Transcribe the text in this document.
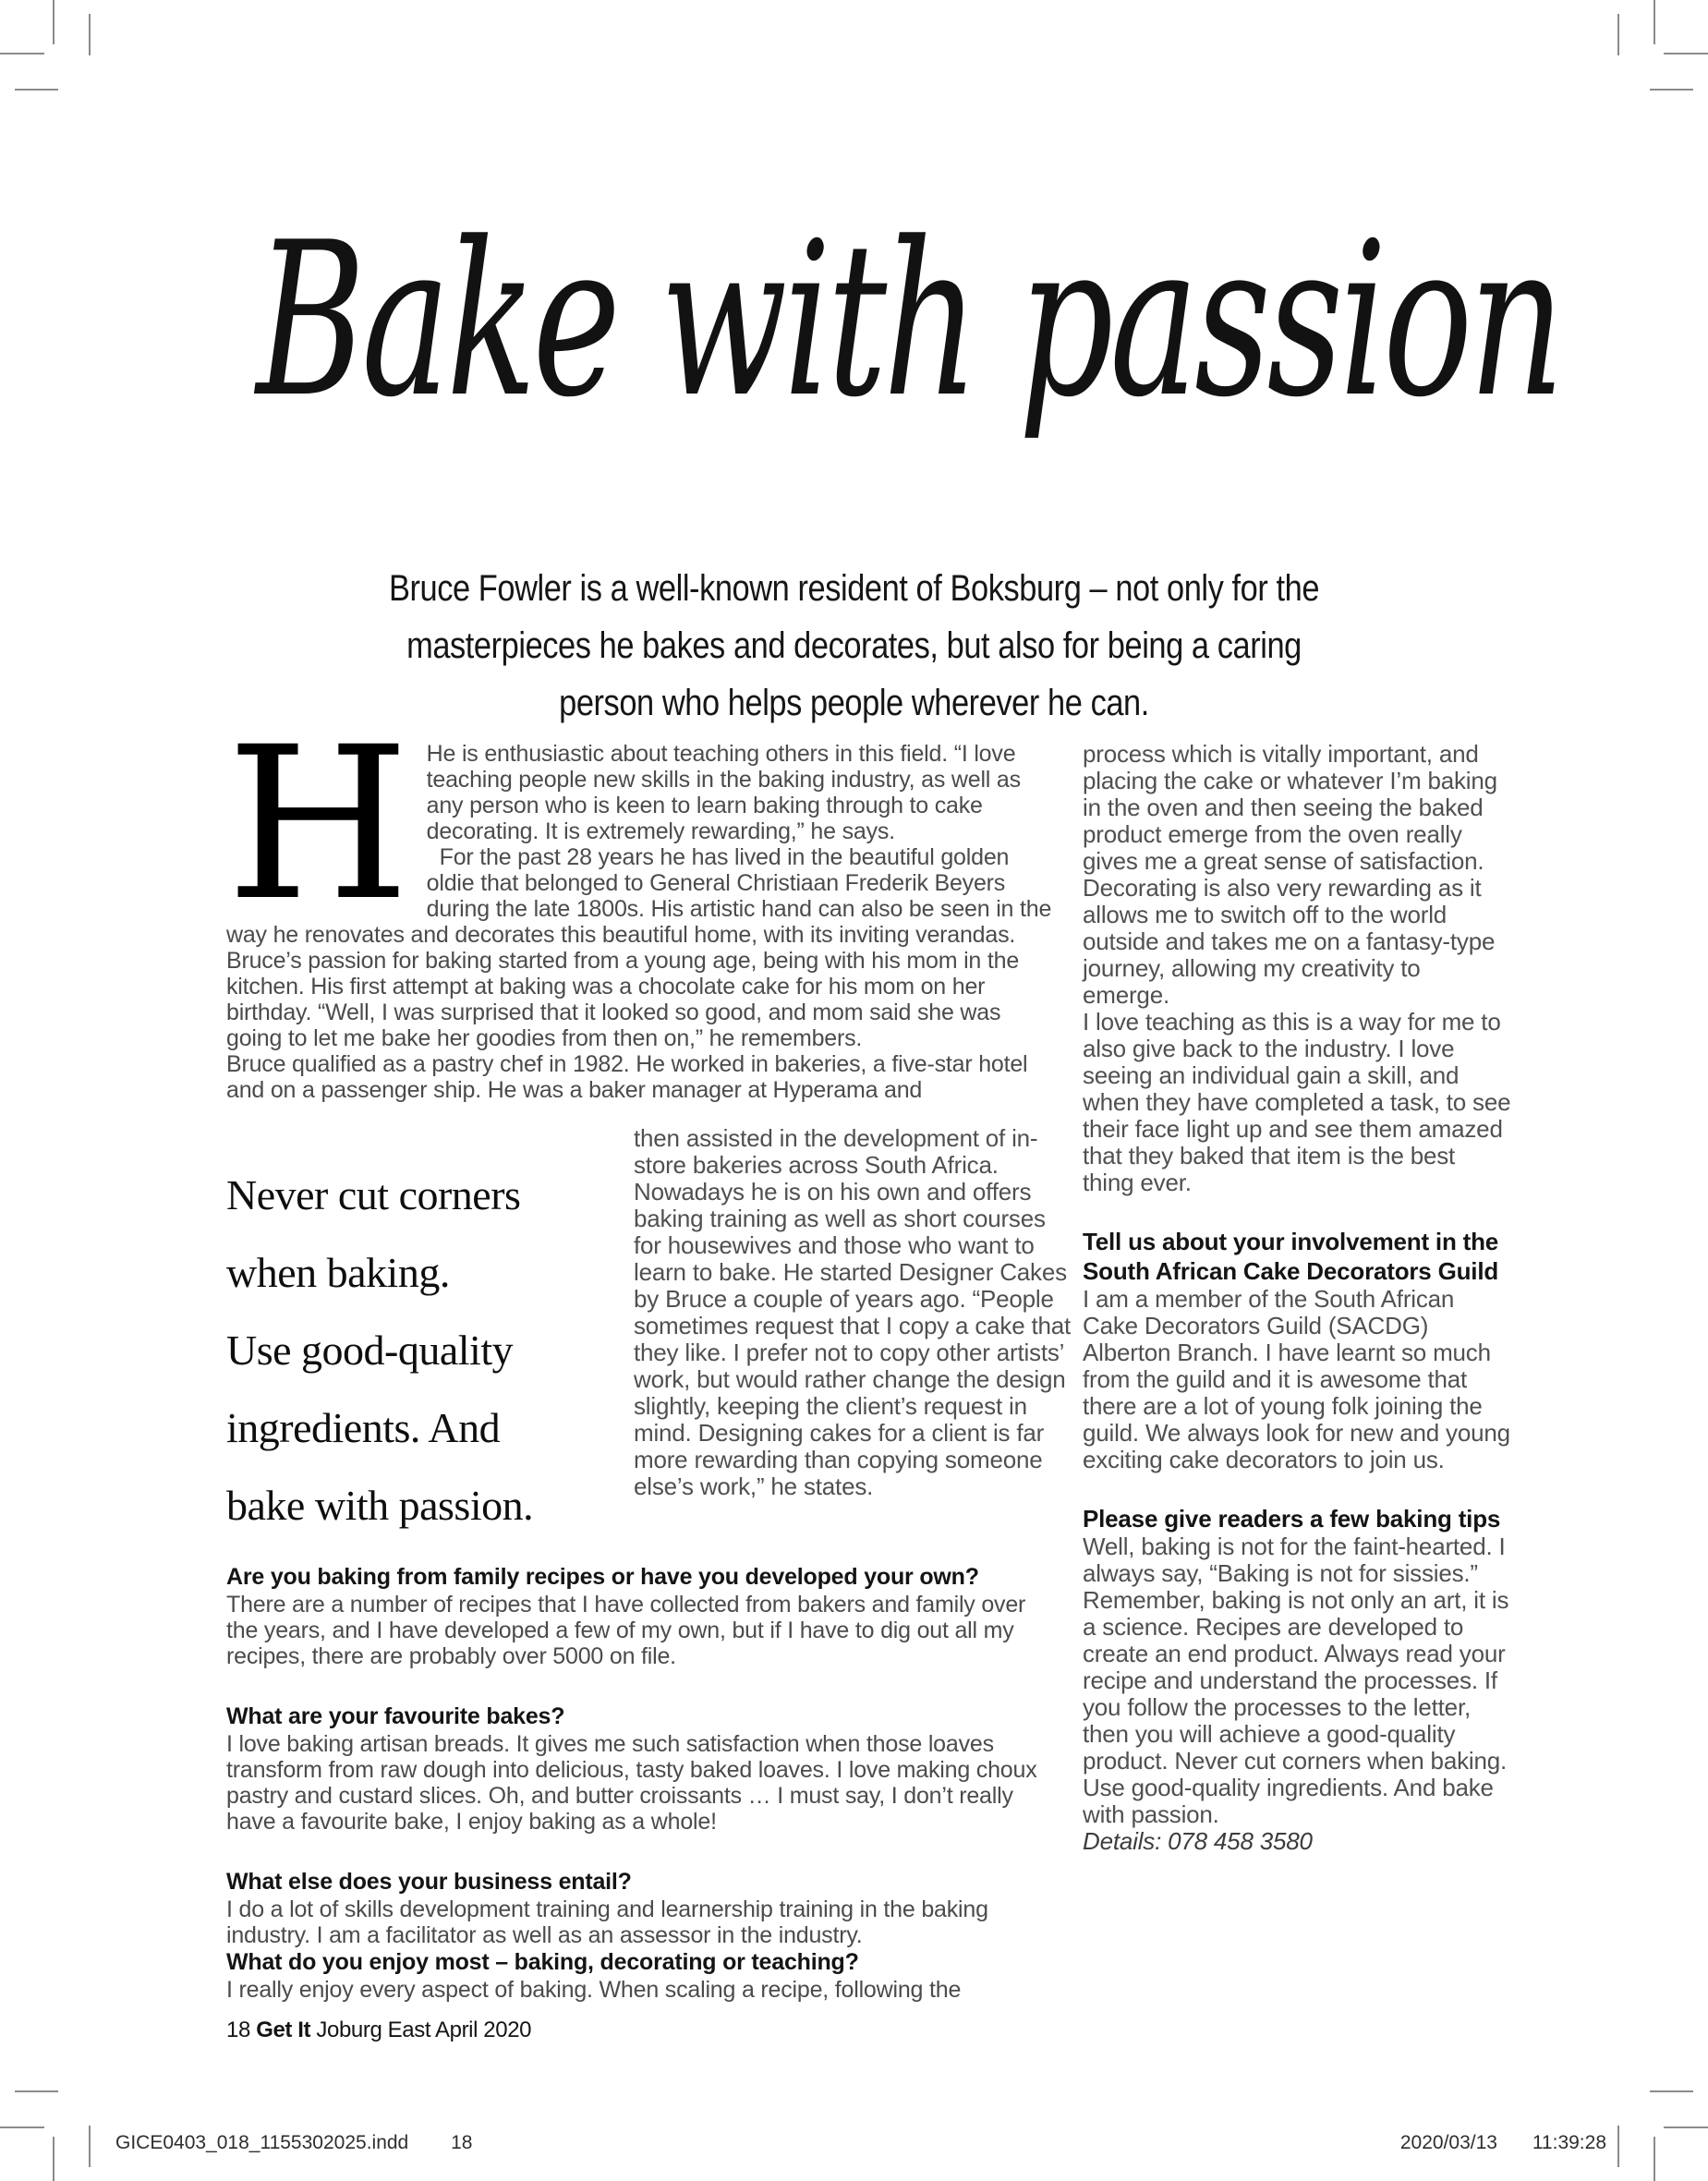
Bake with passion
Bruce Fowler is a well-known resident of Boksburg – not only for the
masterpieces he bakes and decorates, but also for being a caring
person who helps people wherever he can.
H He is enthusiastic about teaching others in this field. “I love teaching people new skills in the baking industry, as well as any person who is keen to learn baking through to cake decorating. It is extremely rewarding,” he says.

For the past 28 years he has lived in the beautiful golden oldie that belonged to General Christiaan Frederik Beyers during the late 1800s. His artistic hand can also be seen in the way he renovates and decorates this beautiful home, with its inviting verandas.

Bruce’s passion for baking started from a young age, being with his mom in the kitchen. His first attempt at baking was a chocolate cake for his mom on her birthday. “Well, I was surprised that it looked so good, and mom said she was going to let me bake her goodies from then on,” he remembers.

Bruce qualified as a pastry chef in 1982. He worked in bakeries, a five-star hotel and on a passenger ship. He was a baker manager at Hyperama and

Never cut corners
when baking.
Use good-quality
ingredients. And
bake with passion.

then assisted in the development of in-store bakeries across South Africa. Nowadays he is on his own and offers baking training as well as short courses for housewives and those who want to learn to bake. He started Designer Cakes by Bruce a couple of years ago. “People sometimes request that I copy a cake that they like. I prefer not to copy other artists’ work, but would rather change the design slightly, keeping the client’s request in mind. Designing cakes for a client is far more rewarding than copying someone else’s work,” he states.

Are you baking from family recipes or have you developed your own?

There are a number of recipes that I have collected from bakers and family over the years, and I have developed a few of my own, but if I have to dig out all my recipes, there are probably over 5000 on file.

What are your favourite bakes?

I love baking artisan breads. It gives me such satisfaction when those loaves transform from raw dough into delicious, tasty baked loaves. I love making choux pastry and custard slices. Oh, and butter croissants … I must say, I don’t really have a favourite bake, I enjoy baking as a whole!

What else does your business entail?

I do a lot of skills development training and learnership training in the baking industry. I am a facilitator as well as an assessor in the industry.

What do you enjoy most – baking, decorating or teaching?

I really enjoy every aspect of baking. When scaling a recipe, following the

process which is vitally important, and placing the cake or whatever I’m baking in the oven and then seeing the baked product emerge from the oven really gives me a great sense of satisfaction.

Decorating is also very rewarding as it allows me to switch off to the world outside and takes me on a fantasy-type journey, allowing my creativity to emerge.

I love teaching as this is a way for me to also give back to the industry. I love seeing an individual gain a skill, and when they have completed a task, to see their face light up and see them amazed that they baked that item is the best thing ever.

Tell us about your involvement in the South African Cake Decorators Guild

I am a member of the South African Cake Decorators Guild (SACDG) Alberton Branch. I have learnt so much from the guild and it is awesome that there are a lot of young folk joining the guild. We always look for new and young exciting cake decorators to join us.

Please give readers a few baking tips

Well, baking is not for the faint-hearted. I always say, “Baking is not for sissies.” Remember, baking is not only an art, it is a science. Recipes are developed to create an end product. Always read your recipe and understand the processes. If you follow the processes to the letter, then you will achieve a good-quality product. Never cut corners when baking. Use good-quality ingredients. And bake with passion.

Details: 078 458 3580

18 Get It Joburg East April 2020
GICE0403_018_1155302025.indd 18	2020/03/13 11:39:28
